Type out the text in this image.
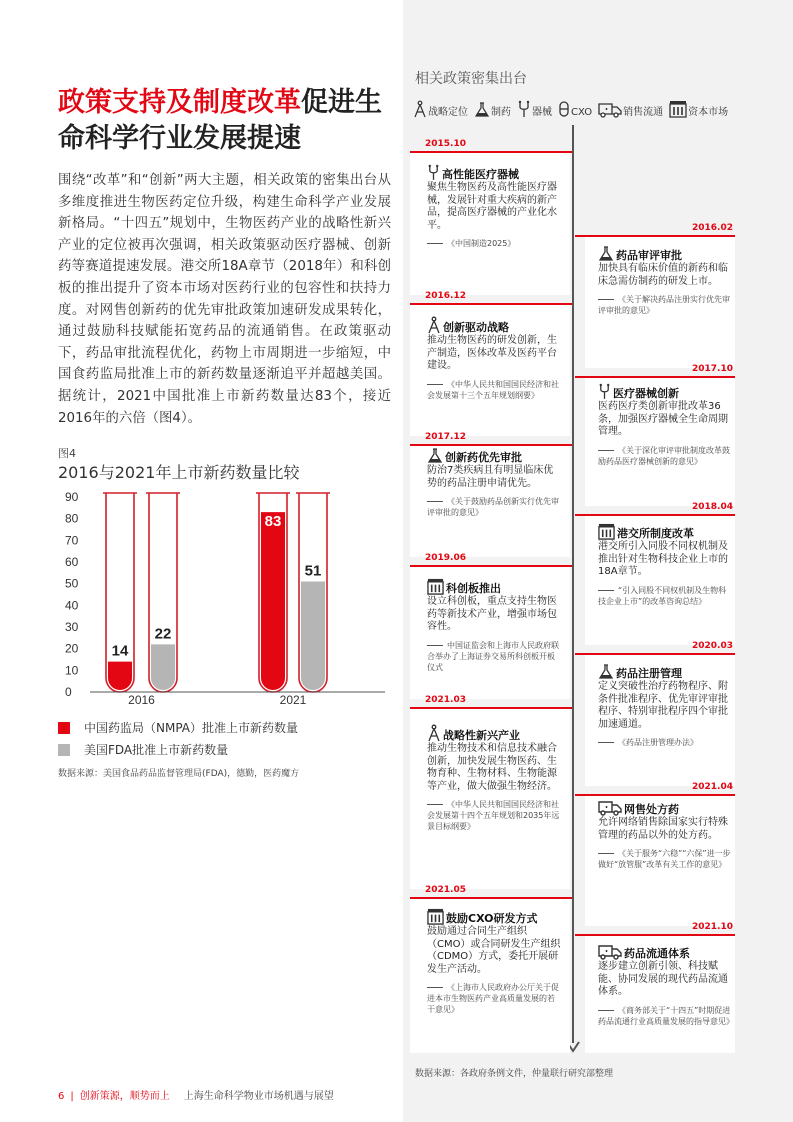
政策支持及制度改革促进生
命科学行业发展提速
围绕“改革”和“创新”两大主题，相关政策的密集出台从多维度推进生物医药定位升级，构建生命科学产业发展新格局。“十四五”规划中，生物医药产业的战略性新兴产业的定位被再次强调，相关政策驱动医疗器械、创新药等赛道提速发展。港交所18A章节（2018年）和科创板的推出提升了资本市场对医药行业的包容性和扶持力度。对网售创新药的优先审批政策加速研发成果转化，通过鼓励科技赋能拓宽药品的流通销售。在政策驱动下，药品审批流程优化，药物上市周期进一步缩短，中国食药监局批准上市的新药数量逐渐追平并超越美国。据统计，2021中国批准上市新药数量达83个，接近2016年的六倍（图4）。
图4
2016与2021年上市新药数量比较
90
80
70
60
50
40
30
20
10
0
14
22
83
51
2016	2021
中国药监局（NMPA）批准上市新药数量
美国FDA批准上市新药数量
数据来源：美国食品药品监督管理局(FDA)，德勤，医药魔方
6 | 创新策源，顺势而上 上海生命科学物业市场机遇与展望
相关政策密集出台
战略定位 制药 器械 CXO	销售流通	资本市场
2015.10
高性能医疗器械
聚焦生物医药及高性能医疗器械，发展针对重大疾病的新产品，提高医疗器械的产业化水平。
《中国制造2025》
2016.02
药品审评审批
加快具有临床价值的新药和临床急需仿制药的研发上市。
《关于解决药品注册实行优先审评审批的意见》
2016.12
创新驱动战略
推动生物医药的研发创新，生产制造，医体改革及医药平台建设。
《中华人民共和国国民经济和社会发展第十三个五年规划纲要》
2017.10
医疗器械创新
医药医疗类创新审批改革36条，加强医疗器械全生命周期管理。
《关于深化审评审批制度改革鼓励药品医疗器械创新的意见》
2017.12
创新药优先审批
防治7类疾病且有明显临床优势的药品注册申请优先。
《关于鼓励药品创新实行优先审评审批的意见》
2018.04
港交所制度改革
港交所引入同股不同权机制及推出针对生物科技企业上市的18A章节。
“引入同股不同权机制及生物科技企业上市”的改革咨询总结》
2019.06
科创板推出
设立科创板，重点支持生物医药等新技术产业，增强市场包容性。
中国证监会和上海市人民政府联合举办了上海证券交易所科创板开板仪式
2020.03
药品注册管理
定义突破性治疗药物程序、附条件批准程序、优先审评审批程序、特别审批程序四个审批加速通道。
《药品注册管理办法》
2021.03
战略性新兴产业
推动生物技术和信息技术融合创新，加快发展生物医药、生物育种、生物材料、生物能源等产业，做大做强生物经济。
《中华人民共和国国民经济和社会发展第十四个五年规划和2035年远景目标纲要》
2021.04
网售处方药
允许网络销售除国家实行特殊管理的药品以外的处方药。
《关于服务“六稳”“六保”进一步做好“放管服”改革有关工作的意见》
2021.05
鼓励CXO研发方式
鼓励通过合同生产组织（CMO）或合同研发生产组织（CDMO）方式，委托开展研发生产活动。
《上海市人民政府办公厅关于促进本市生物医药产业高质量发展的若干意见》
2021.10
药品流通体系
逐步建立创新引领、科技赋能、协同发展的现代药品流通体系。
《商务部关于“十四五”时期促进药品流通行业高质量发展的指导意见》
数据来源：各政府条例文件，仲量联行研究部整理
